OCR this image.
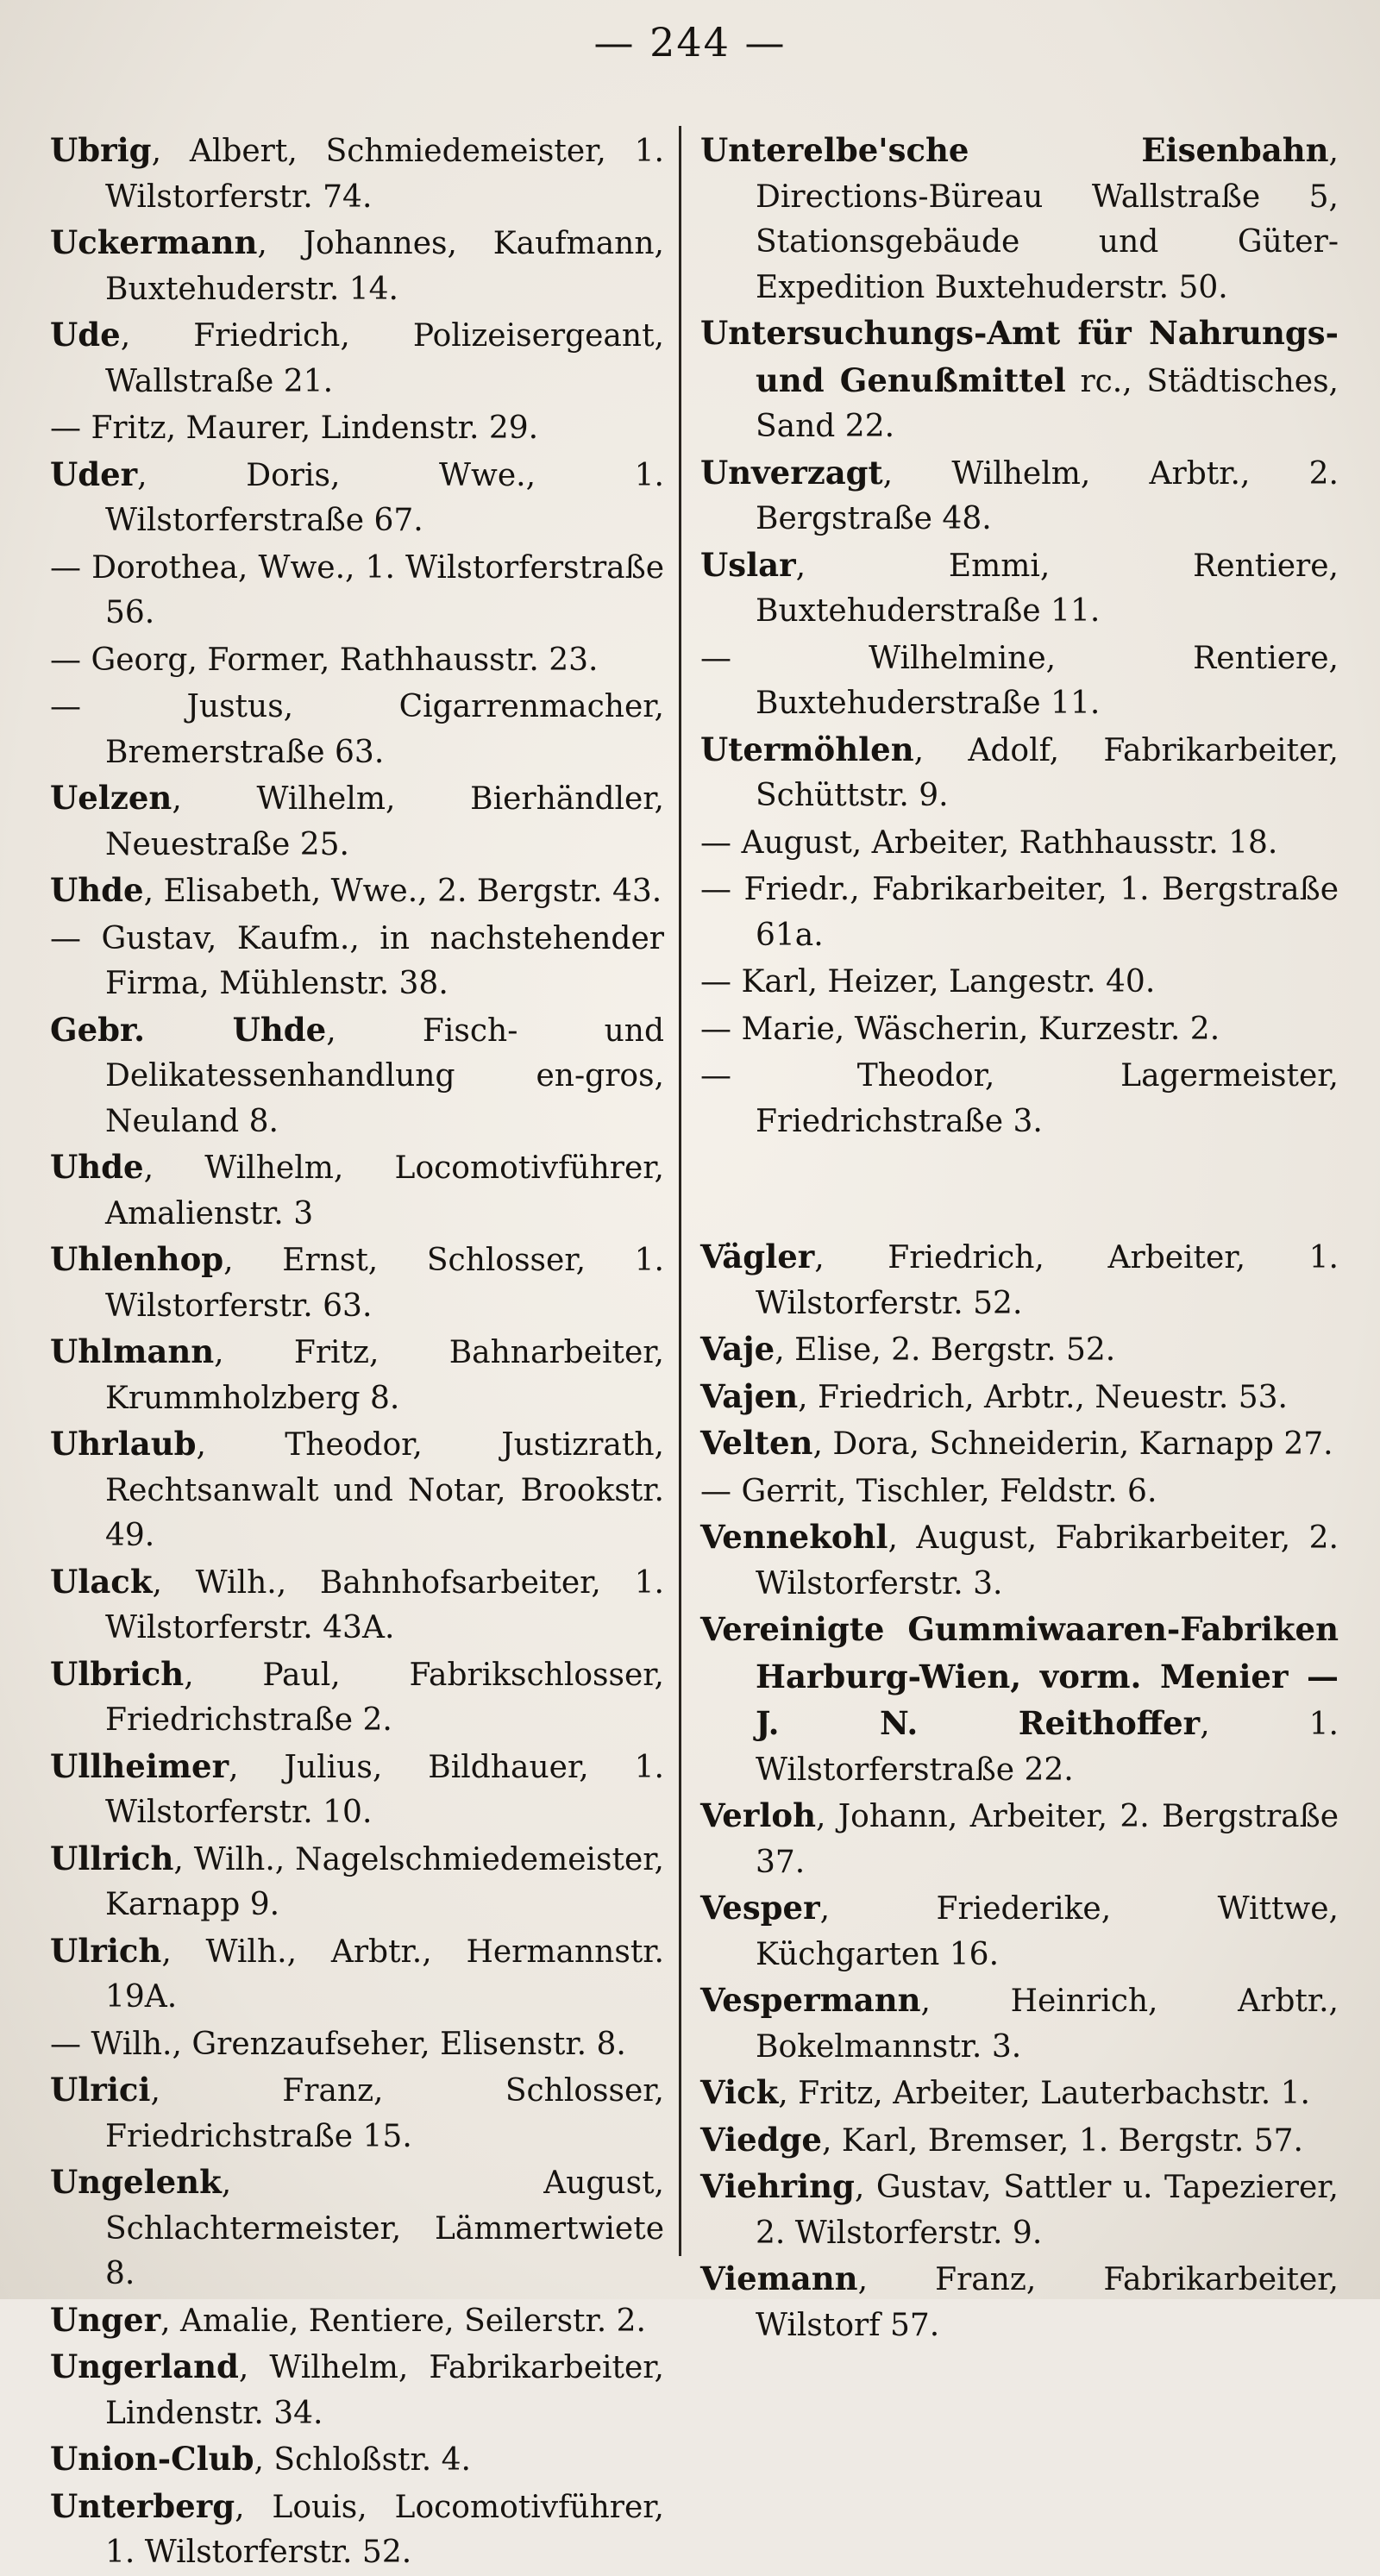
— 244 —
Ubrig, Albert, Schmiedemeister, 1. Wilstorferstr. 74.
Uckermann, Johannes, Kaufmann, Buxtehuderstr. 14.
Ude, Friedrich, Polizeisergeant, Wallstraße 21.
— Fritz, Maurer, Lindenstr. 29.
Uder, Doris, Wwe., 1. Wilstorferstraße 67.
— Dorothea, Wwe., 1. Wilstorferstraße 56.
— Georg, Former, Rathhausstr. 23.
— Justus, Cigarrenmacher, Bremerstraße 63.
Uelzen, Wilhelm, Bierhändler, Neuestraße 25.
Uhde, Elisabeth, Wwe., 2. Bergstr. 43.
— Gustav, Kaufm., in nachstehender Firma, Mühlenstr. 38.
Gebr. Uhde, Fisch- und Delikatessenhandlung en-gros, Neuland 8.
Uhde, Wilhelm, Locomotivführer, Amalienstr. 3
Uhlenhop, Ernst, Schlosser, 1. Wilstorferstr. 63.
Uhlmann, Fritz, Bahnarbeiter, Krummholzberg 8.
Uhrlaub, Theodor, Justizrath, Rechtsanwalt und Notar, Brookstr. 49.
Ulack, Wilh., Bahnhofsarbeiter, 1. Wilstorferstr. 43A.
Ulbrich, Paul, Fabrikschlosser, Friedrichstraße 2.
Ullheimer, Julius, Bildhauer, 1. Wilstorferstr. 10.
Ullrich, Wilh., Nagelschmiedemeister, Karnapp 9.
Ulrich, Wilh., Arbtr., Hermannstr. 19A.
— Wilh., Grenzaufseher, Elisenstr. 8.
Ulrici, Franz, Schlosser, Friedrichstraße 15.
Ungelenk, August, Schlachtermeister, Lämmertwiete 8.
Unger, Amalie, Rentiere, Seilerstr. 2.
Ungerland, Wilhelm, Fabrikarbeiter, Lindenstr. 34.
Union-Club, Schloßstr. 4.
Unterberg, Louis, Locomotivführer, 1. Wilstorferstr. 52.
Unterelbe'sche Eisenbahn, Directions-Büreau Wallstraße 5, Stationsgebäude und Güter-Expedition Buxtehuderstr. 50.
Untersuchungs-Amt für Nahrungs- und Genußmittel rc., Städtisches, Sand 22.
Unverzagt, Wilhelm, Arbtr., 2. Bergstraße 48.
Uslar, Emmi, Rentiere, Buxtehuderstraße 11.
— Wilhelmine, Rentiere, Buxtehuderstraße 11.
Utermöhlen, Adolf, Fabrikarbeiter, Schüttstr. 9.
— August, Arbeiter, Rathhausstr. 18.
— Friedr., Fabrikarbeiter, 1. Bergstraße 61a.
— Karl, Heizer, Langestr. 40.
— Marie, Wäscherin, Kurzestr. 2.
— Theodor, Lagermeister, Friedrichstraße 3.
Vägler, Friedrich, Arbeiter, 1. Wilstorferstr. 52.
Vaje, Elise, 2. Bergstr. 52.
Vajen, Friedrich, Arbtr., Neuestr. 53.
Velten, Dora, Schneiderin, Karnapp 27.
— Gerrit, Tischler, Feldstr. 6.
Vennekohl, August, Fabrikarbeiter, 2. Wilstorferstr. 3.
Vereinigte Gummiwaaren-Fabriken Harburg-Wien, vorm. Menier — J. N. Reithoffer, 1. Wilstorferstraße 22.
Verloh, Johann, Arbeiter, 2. Bergstraße 37.
Vesper, Friederike, Wittwe, Küchgarten 16.
Vespermann, Heinrich, Arbtr., Bokelmannstr. 3.
Vick, Fritz, Arbeiter, Lauterbachstr. 1.
Viedge, Karl, Bremser, 1. Bergstr. 57.
Viehring, Gustav, Sattler u. Tapezierer, 2. Wilstorferstr. 9.
Viemann, Franz, Fabrikarbeiter, Wilstorf 57.
